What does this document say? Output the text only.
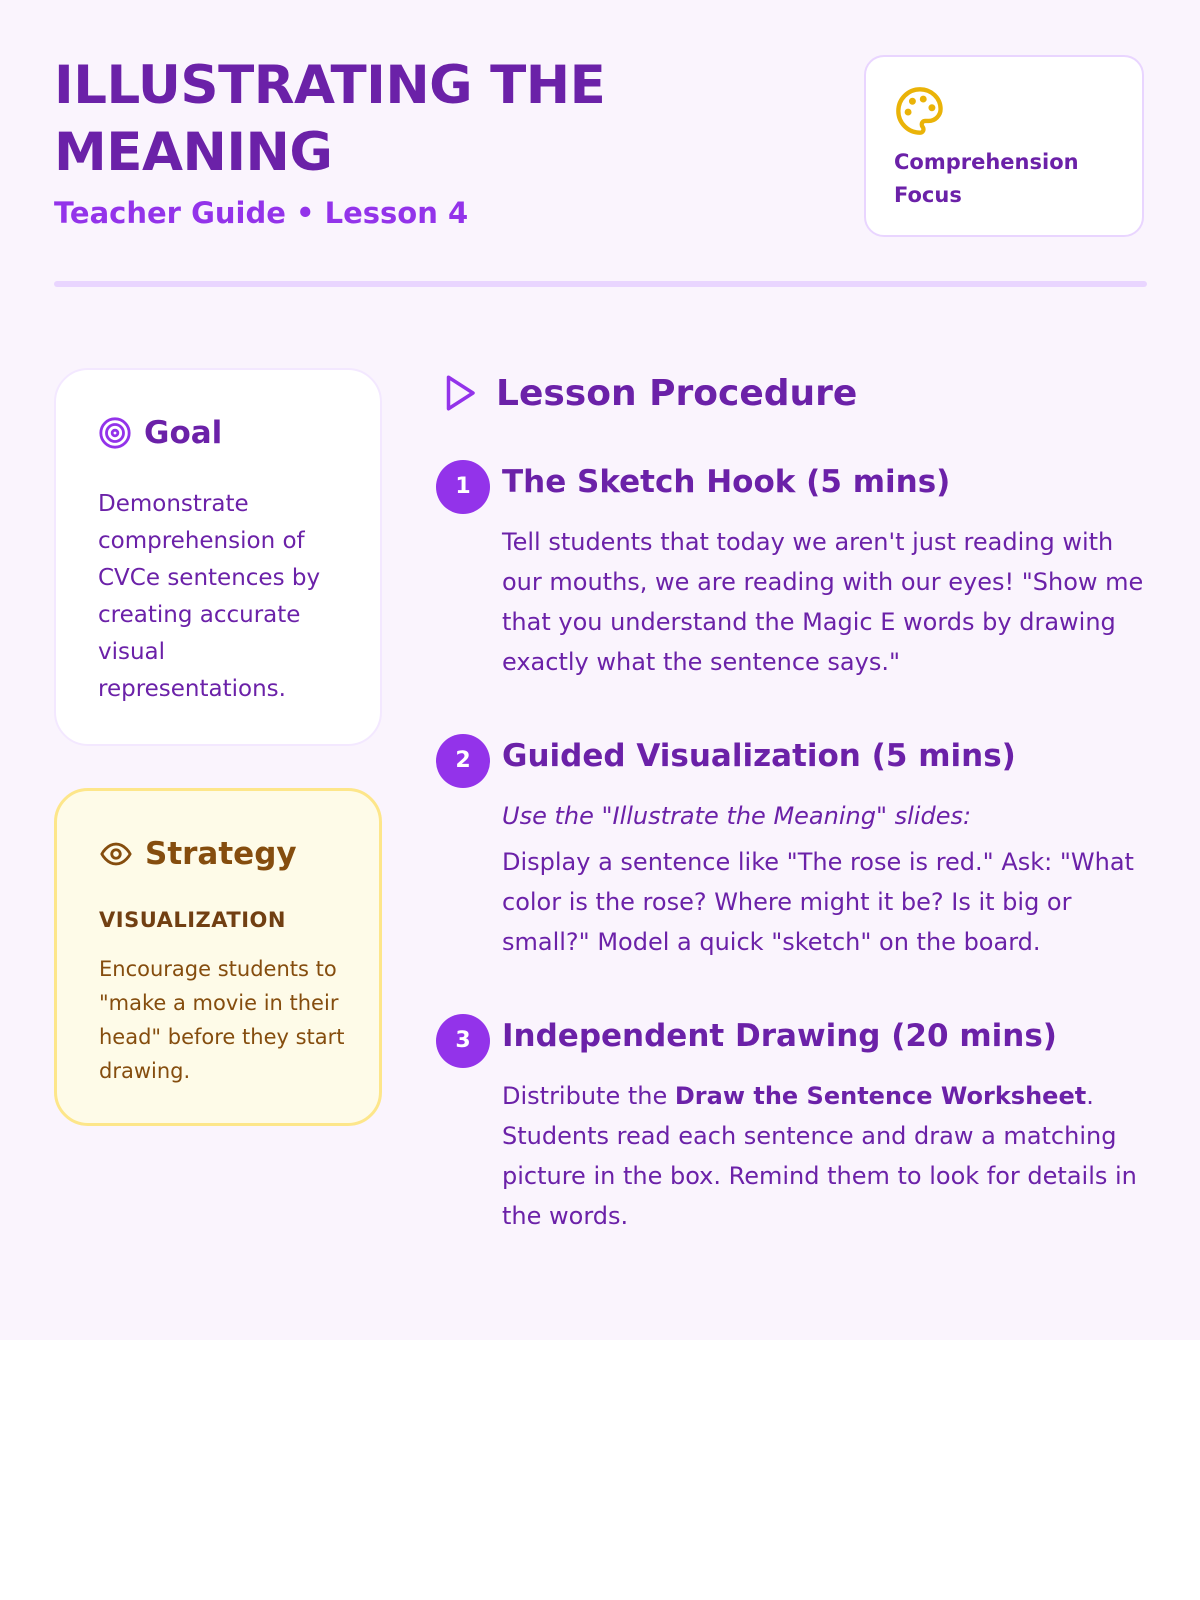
ILLUSTRATING THE MEANING
Teacher Guide • Lesson 4
Comprehension Focus
Goal
Demonstrate comprehension of CVCe sentences by creating accurate visual representations.
Strategy
VISUALIZATION
Encourage students to "make a movie in their head" before they start drawing.
Lesson Procedure
1	The Sketch Hook (5 mins)

Tell students that today we aren't just reading with our mouths, we are reading with our eyes! "Show me that you understand the Magic E words by drawing exactly what the sentence says."

2	Guided Visualization (5 mins)

Use the "Illustrate the Meaning" slides:

Display a sentence like "The rose is red." Ask: "What color is the rose? Where might it be? Is it big or small?" Model a quick "sketch" on the board.

3	Independent Drawing (20 mins)

Distribute the Draw the Sentence Worksheet. Students read each sentence and draw a matching picture in the box. Remind them to look for details in the words.
